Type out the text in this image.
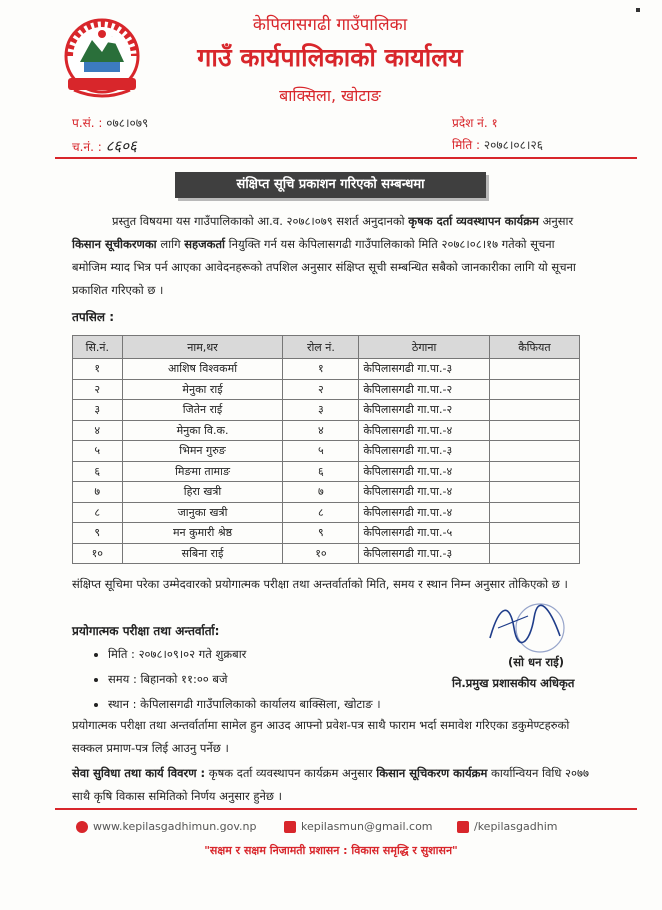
केपिलासगढी गाउँपालिका
गाउँ कार्यपालिकाको कार्यालय
बाक्सिला, खोटाङ
प.सं. : ०७८।०७९
च.नं. : ८६०६
प्रदेश नं. १
मिति : २०७८।०८।२६
संक्षिप्त सूचि प्रकाशन गरिएको सम्बन्धमा
प्रस्तुत विषयमा यस गाउँपालिकाको आ.व. २०७८।०७९ सशर्त अनुदानको कृषक दर्ता व्यवस्थापन कार्यक्रम अनुसार किसान सूचीकरणका लागि सहजकर्ता नियुक्ति गर्न यस केपिलासगढी गाउँपालिकाको मिति २०७८।०८।१७ गतेको सूचना बमोजिम म्याद भित्र पर्न आएका आवेदनहरूको तपशिल अनुसार संक्षिप्त सूची सम्बन्धित सबैको जानकारीका लागि यो सूचना प्रकाशित गरिएको छ ।
तपसिल :
सि.नं.	नाम,थर	रोल नं.	ठेगाना	कैफियत
१	आशिष विश्वकर्मा	१	केपिलासगढी गा.पा.-३	
२	मेनुका राई	२	केपिलासगढी गा.पा.-२	
३	जितेन राई	३	केपिलासगढी गा.पा.-२	
४	मेनुका वि.क.	४	केपिलासगढी गा.पा.-४	
५	भिमन गुरुङ	५	केपिलासगढी गा.पा.-३	
६	मिङमा तामाङ	६	केपिलासगढी गा.पा.-४	
७	हिरा खत्री	७	केपिलासगढी गा.पा.-४	
८	जानुका खत्री	८	केपिलासगढी गा.पा.-४	
९	मन कुमारी श्रेष्ठ	९	केपिलासगढी गा.पा.-५	
१०	सबिना राई	१०	केपिलासगढी गा.पा.-३	
संक्षिप्त सूचिमा परेका उम्मेदवारको प्रयोगात्मक परीक्षा तथा अन्तर्वार्ताको मिति, समय र स्थान निम्न अनुसार तोकिएको छ ।
प्रयोगात्मक परीक्षा तथा अन्तर्वार्ता:
• मिति : २०७८।०९।०२ गते शुक्रबार
• समय : बिहानको ११:०० बजे
• स्थान : केपिलासगढी गाउँपालिकाको कार्यालय बाक्सिला, खोटाङ ।
(सो धन राई)
नि.प्रमुख प्रशासकीय अधिकृत
प्रयोगात्मक परीक्षा तथा अन्तर्वार्तामा सामेल हुन आउद आफ्नो प्रवेश-पत्र साथै फाराम भर्दा समावेश गरिएका डकुमेण्टहरुको सक्कल प्रमाण-पत्र लिई आउनु पर्नेछ ।
सेवा सुविधा तथा कार्य विवरण : कृषक दर्ता व्यवस्थापन कार्यक्रम अनुसार किसान सूचिकरण कार्यक्रम कार्यान्वियन विधि २०७७ साथै कृषि विकास समितिको निर्णय अनुसार हुनेछ ।
www.kepilasgadhimun.gov.np	kepilasmun@gmail.com	/kepilasgadhim
"सक्षम र सक्षम निजामती प्रशासन : विकास समृद्धि र सुशासन"
